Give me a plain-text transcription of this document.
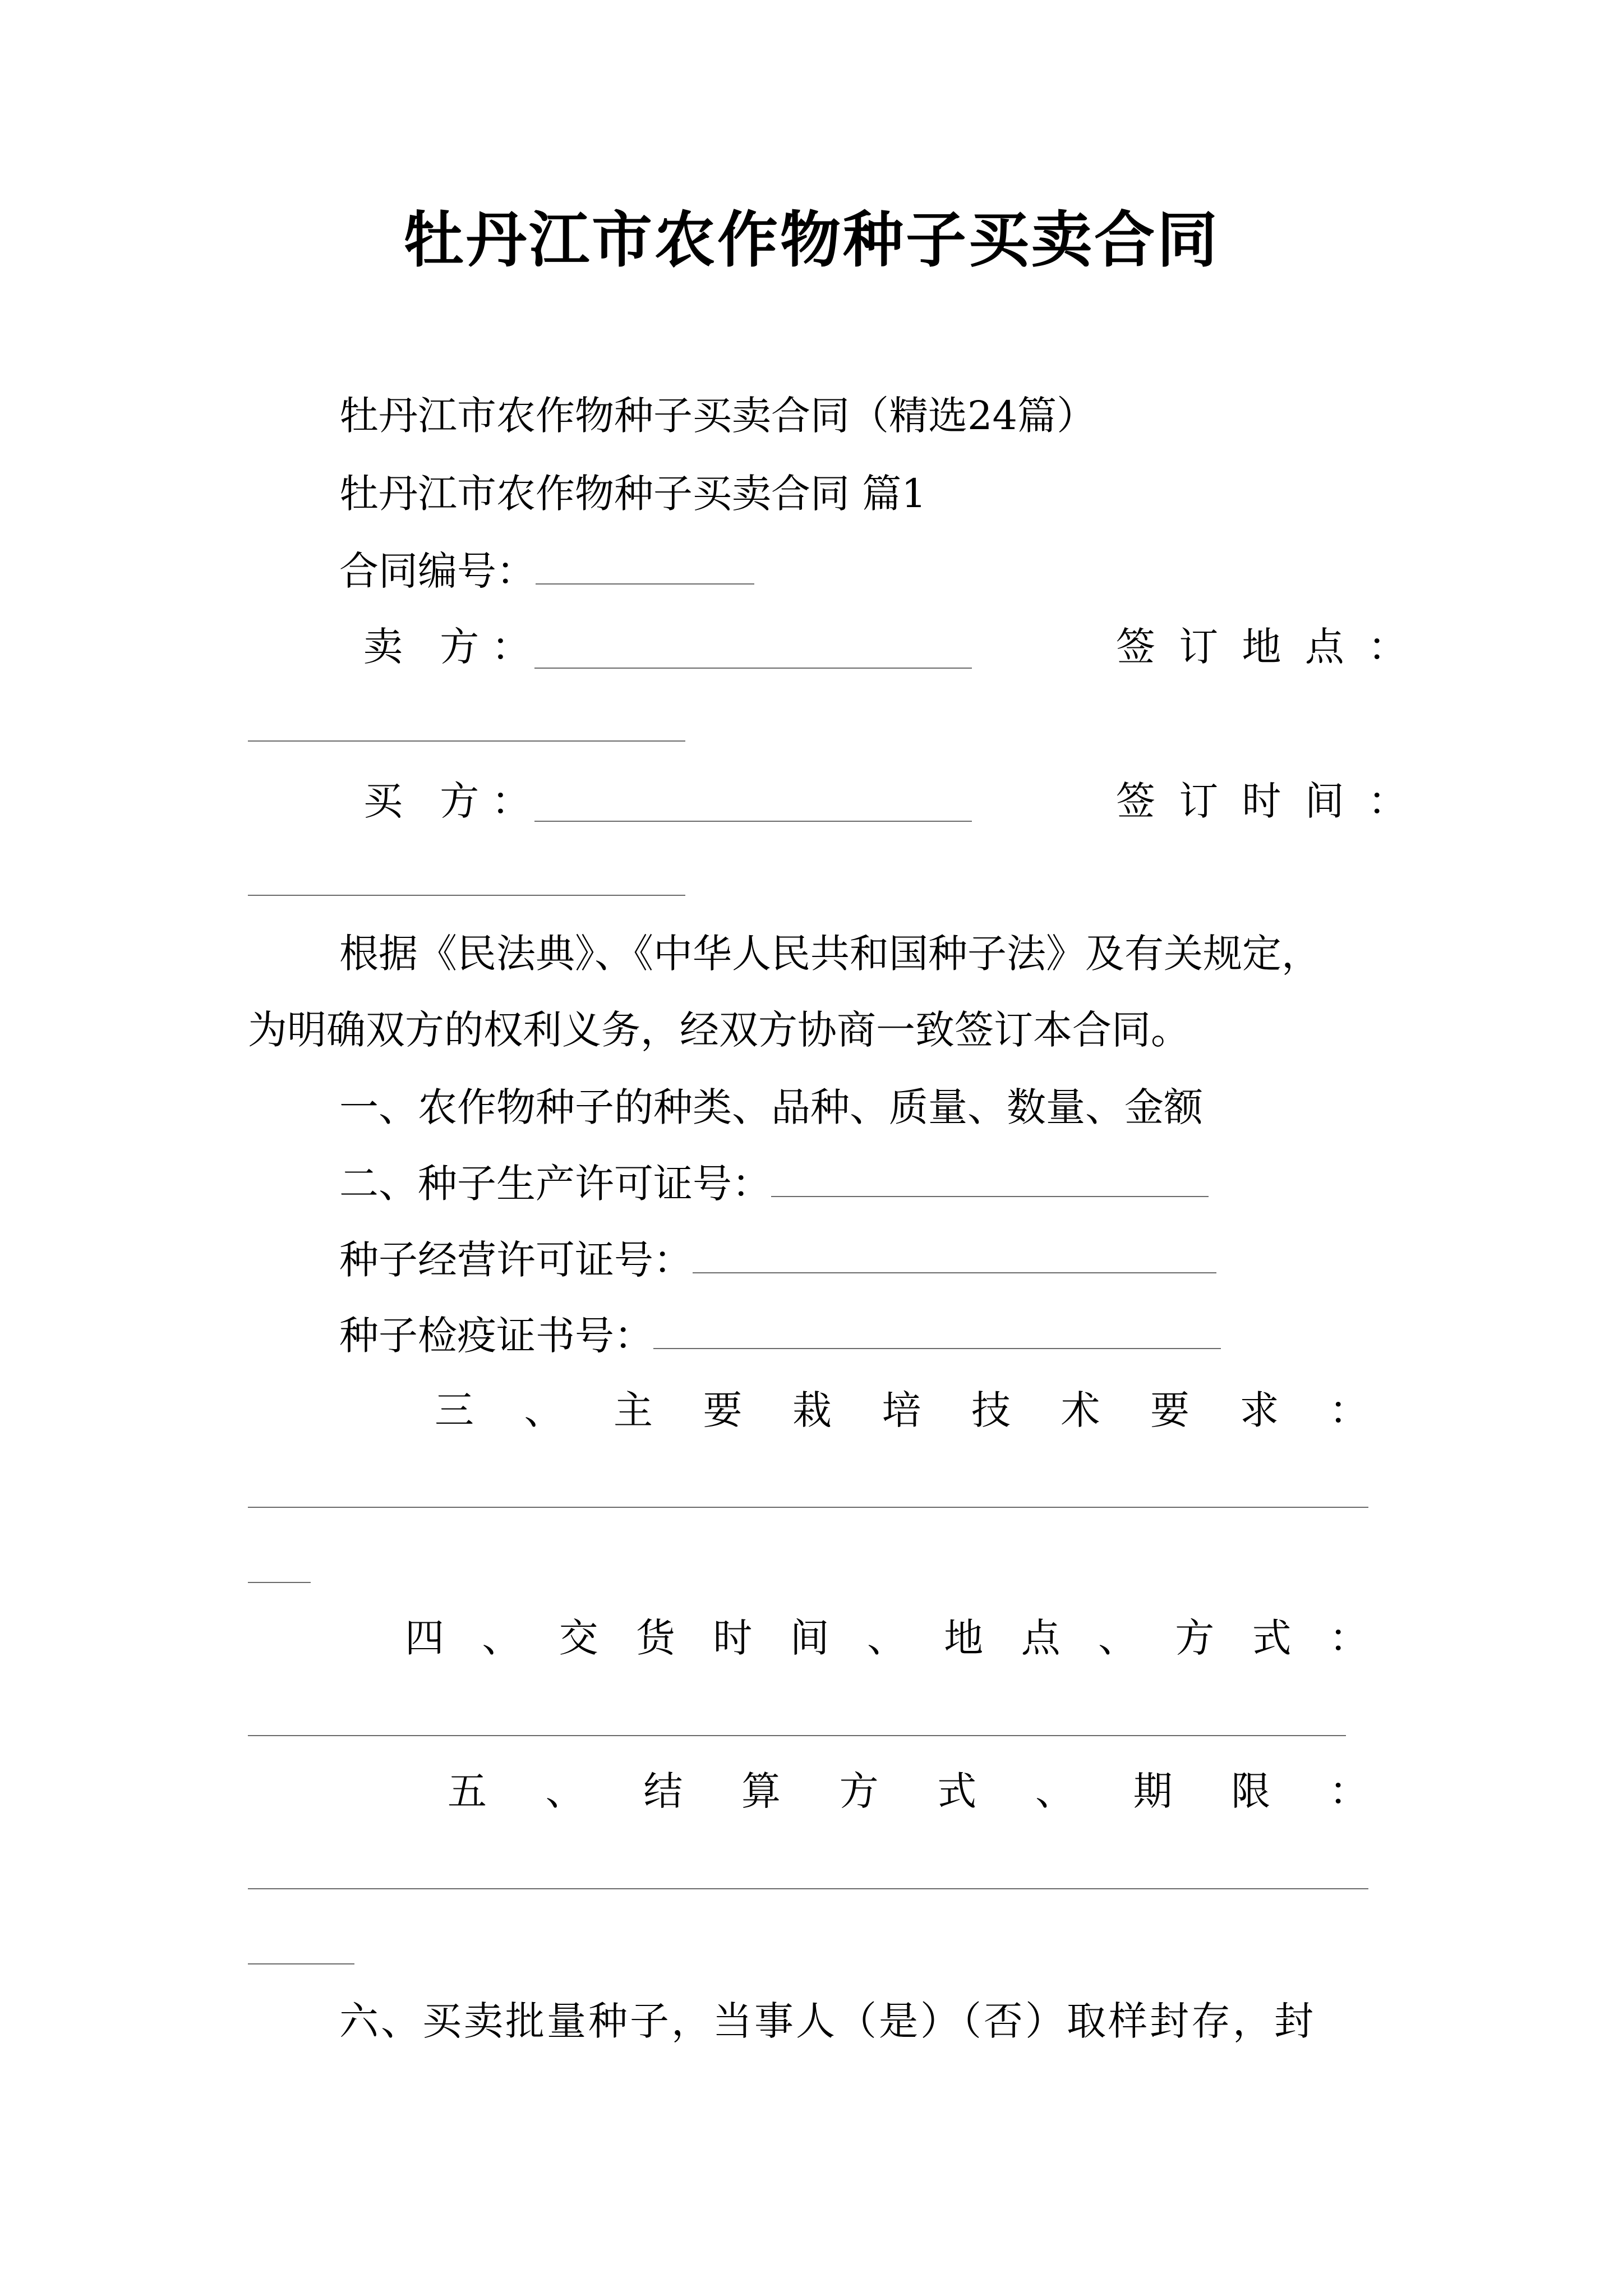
牡丹江市农作物种子买卖合同
牡丹江市农作物种子买卖合同（精选24篇）
牡丹江市农作物种子买卖合同 篇1
合同编号：
卖 方：	签 订 地 点 ：
买 方：	签 订 时 间 ：
根据《民法典》、《中华人民共和国种子法》及有关规定，
为明确双方的权利义务，经双方协商一致签订本合同。
一、农作物种子的种类、品种、质量、数量、金额
二、种子生产许可证号：
种子经营许可证号：
种子检疫证书号：
三 、 主 要 栽 培 技 术 要 求 ：
四 、 交 货 时 间 、 地 点 、 方 式 ：
五 、 结 算 方 式 、 期 限 ：
六、买卖批量种子，当事人（是）（否）取样封存，封
